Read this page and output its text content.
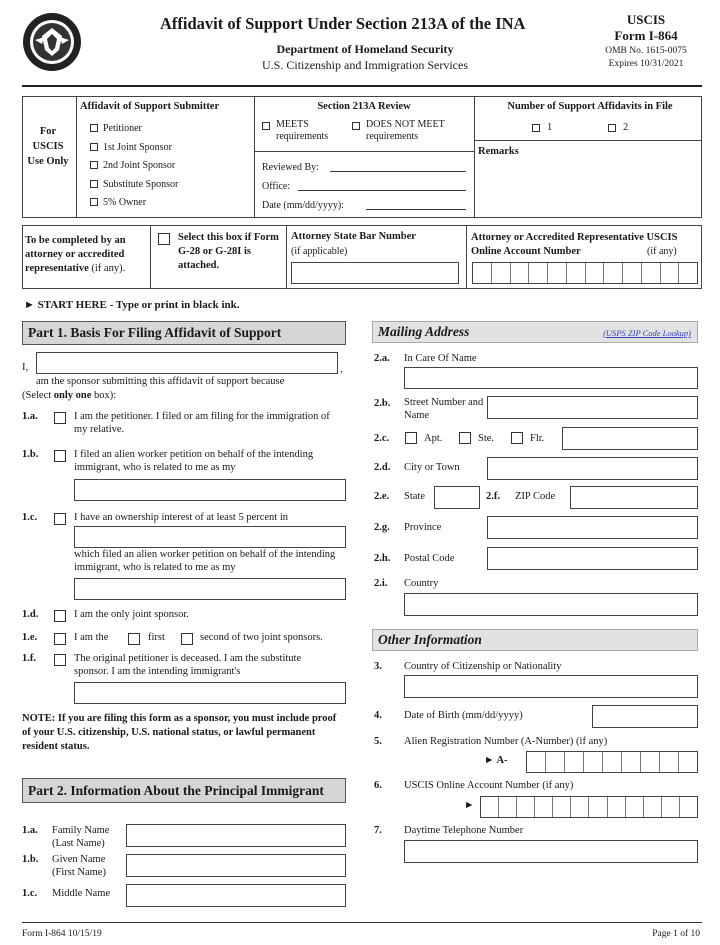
Affidavit of Support Under Section 213A of the INA
Department of Homeland Security
U.S. Citizenship and Immigration Services
USCIS
Form I-864
OMB No. 1615-0075
Expires 10/31/2021
For USCIS Use Only
Affidavit of Support Submitter
Petitioner
1st Joint Sponsor
2nd Joint Sponsor
Substitute Sponsor
5% Owner
Section 213A Review
MEETS requirements
DOES NOT MEET requirements
Reviewed By:
Office:
Date (mm/dd/yyyy):
Number of Support Affidavits in File
1	2
Remarks
To be completed by an attorney or accredited representative (if any).
Select this box if Form G-28 or G-28I is attached.
Attorney State Bar Number
(if applicable)
Attorney or Accredited Representative USCIS Online Account Number	(if any)
► START HERE - Type or print in black ink.
Part 1. Basis For Filing Affidavit of Support
I,	,
am the sponsor submitting this affidavit of support because
(Select only one box):
1.a.	I am the petitioner. I filed or am filing for the immigration of my relative.
1.b.	I filed an alien worker petition on behalf of the intending immigrant, who is related to me as my
1.c.	I have an ownership interest of at least 5 percent in
which filed an alien worker petition on behalf of the intending immigrant, who is related to me as my
1.d.	I am the only joint sponsor.
1.e.	I am the	first	second of two joint sponsors.
1.f.	The original petitioner is deceased. I am the substitute sponsor. I am the intending immigrant's
NOTE: If you are filing this form as a sponsor, you must include proof of your U.S. citizenship, U.S. national status, or lawful permanent resident status.
Part 2. Information About the Principal Immigrant
1.a. Family Name (Last Name)
1.b. Given Name (First Name)
1.c. Middle Name
Mailing Address	(USPS ZIP Code Lookup)
2.a. In Care Of Name
2.b. Street Number and Name
2.c.	Apt.	Ste.	Flr.
2.d. City or Town
2.e. State	2.f. ZIP Code
2.g. Province
2.h. Postal Code
2.i. Country
Other Information
3. Country of Citizenship or Nationality
4. Date of Birth (mm/dd/yyyy)
5. Alien Registration Number (A-Number) (if any)
► A-
6. USCIS Online Account Number (if any)
►
7. Daytime Telephone Number
Form I-864 10/15/19	Page 1 of 10
